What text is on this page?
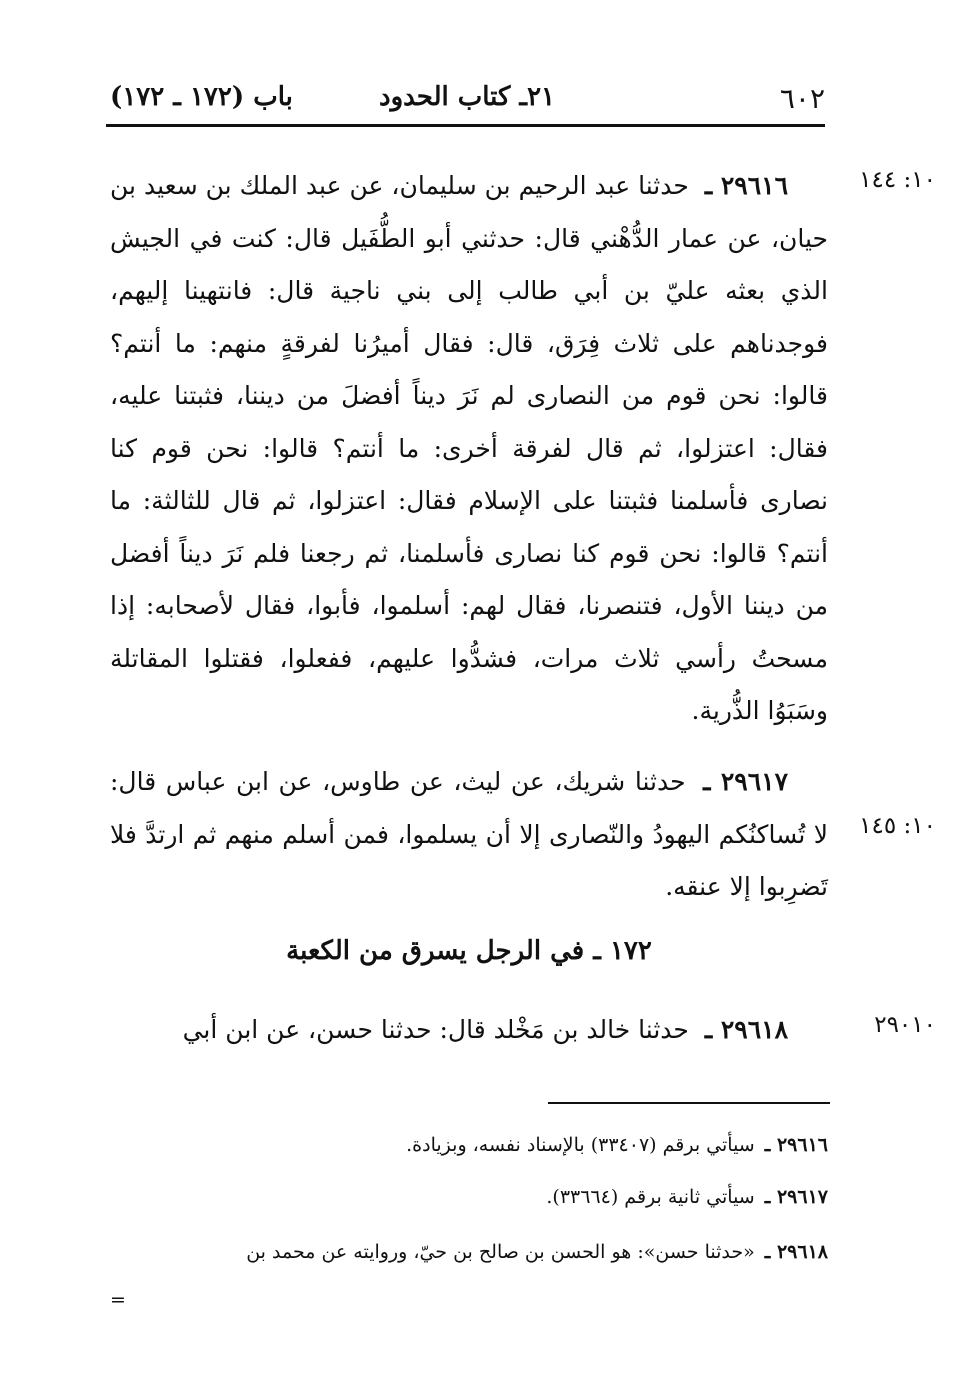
٦٠٢
٢١ـ كتاب الحدود
باب (١٧٢ ـ ١٧٢)
١٠: ١٤٤
٢٩٦١٦ ـ حدثنا عبد الرحيم بن سليمان، عن عبد الملك بن سعيد بن حيان، عن عمار الدُّهْني قال: حدثني أبو الطُّفَيل قال: كنت في الجيش الذي بعثه عليّ بن أبي طالب إلى بني ناجية قال: فانتهينا إليهم، فوجدناهم على ثلاث فِرَق، قال: فقال أميرُنا لفرقةٍ منهم: ما أنتم؟ قالوا: نحن قوم من النصارى لم نَرَ ديناً أفضلَ من ديننا، فثبتنا عليه، فقال: اعتزلوا، ثم قال لفرقة أخرى: ما أنتم؟ قالوا: نحن قوم كنا نصارى فأسلمنا فثبتنا على الإسلام فقال: اعتزلوا، ثم قال للثالثة: ما أنتم؟ قالوا: نحن قوم كنا نصارى فأسلمنا، ثم رجعنا فلم نَرَ ديناً أفضل من ديننا الأول، فتنصرنا، فقال لهم: أسلموا، فأبوا، فقال لأصحابه: إذا مسحتُ رأسي ثلاث مرات، فشدُّوا عليهم، ففعلوا، فقتلوا المقاتلة وسَبَوُا الذُّرية.
١٠: ١٤٥
٢٩٦١٧ ـ حدثنا شريك، عن ليث، عن طاوس، عن ابن عباس قال: لا تُساكنُكم اليهودُ والنّصارى إلا أن يسلموا، فمن أسلم منهم ثم ارتدَّ فلا تَضرِبوا إلا عنقه.
١٧٢ ـ في الرجل يسرق من الكعبة
٢٩٠١٠
٢٩٦١٨ ـ حدثنا خالد بن مَخْلد قال: حدثنا حسن، عن ابن أبي
٢٩٦١٦ ـ سيأتي برقم (٣٣٤٠٧) بالإسناد نفسه، وبزيادة.
٢٩٦١٧ ـ سيأتي ثانية برقم (٣٣٦٦٤).
٢٩٦١٨ ـ «حدثنا حسن»: هو الحسن بن صالح بن حيّ، وروايته عن محمد بن
=
